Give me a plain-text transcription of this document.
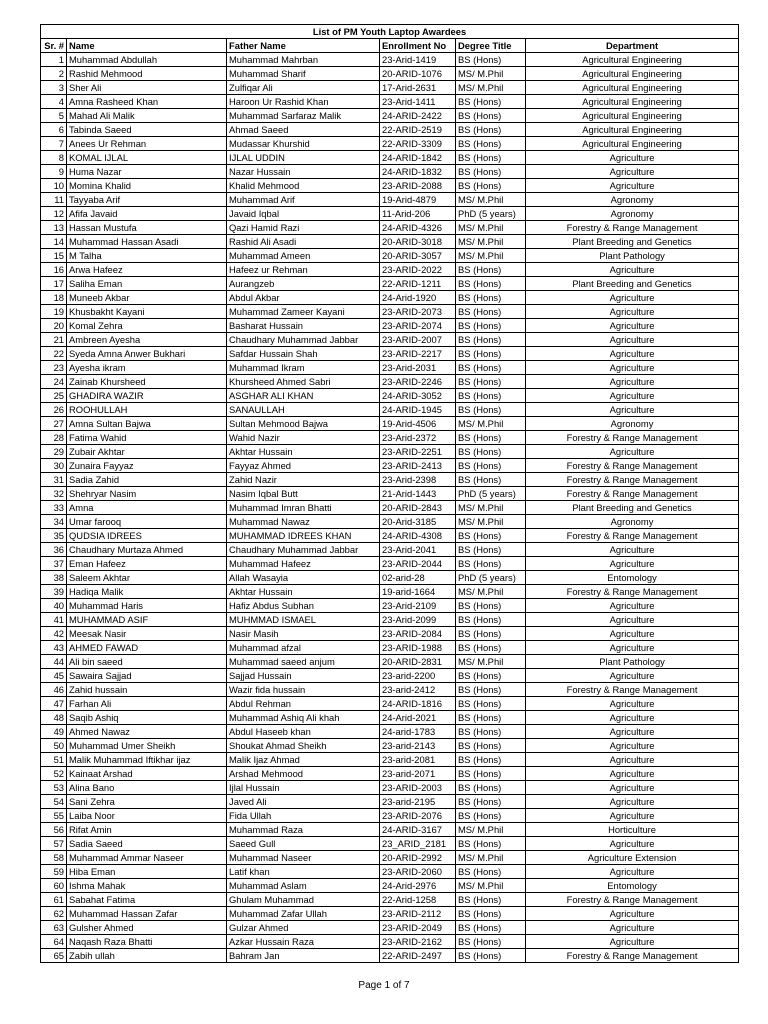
List of PM Youth Laptop Awardees					
Sr. #	Name	Father Name	Enrollment No	Degree Title	Department
1	Muhammad Abdullah	Muhammad Mahrban	23-Arid-1419	BS (Hons)	Agricultural Engineering
2	Rashid Mehmood	Muhammad Sharif	20-ARID-1076	MS/ M.Phil	Agricultural Engineering
3	Sher Ali	Zulfiqar Ali	17-Arid-2631	MS/ M.Phil	Agricultural Engineering
4	Amna Rasheed Khan	Haroon Ur Rashid Khan	23-Arid-1411	BS (Hons)	Agricultural Engineering
5	Mahad Ali Malik	Muhammad Sarfaraz Malik	24-ARID-2422	BS (Hons)	Agricultural Engineering
6	Tabinda Saeed	Ahmad Saeed	22-ARID-2519	BS (Hons)	Agricultural Engineering
7	Anees Ur Rehman	Mudassar Khurshid	22-ARID-3309	BS (Hons)	Agricultural Engineering
8	KOMAL IJLAL	IJLAL UDDIN	24-ARID-1842	BS (Hons)	Agriculture
9	Huma Nazar	Nazar Hussain	24-ARID-1832	BS (Hons)	Agriculture
10	Momina Khalid	Khalid Mehmood	23-ARID-2088	BS (Hons)	Agriculture
11	Tayyaba Arif	Muhammad Arif	19-Arid-4879	MS/ M.Phil	Agronomy
12	Afifa Javaid	Javaid Iqbal	11-Arid-206	PhD (5 years)	Agronomy
13	Hassan Mustufa	Qazi Hamid Razi	24-ARID-4326	MS/ M.Phil	Forestry & Range Management
14	Muhammad Hassan Asadi	Rashid Ali Asadi	20-ARID-3018	MS/ M.Phil	Plant Breeding and Genetics
15	M Talha	Muhammad Ameen	20-ARID-3057	MS/ M.Phil	Plant Pathology
16	Arwa Hafeez	Hafeez ur Rehman	23-ARID-2022	BS (Hons)	Agriculture
17	Saliha Eman	Aurangzeb	22-ARID-1211	BS (Hons)	Plant Breeding and Genetics
18	Muneeb Akbar	Abdul Akbar	24-Arid-1920	BS (Hons)	Agriculture
19	Khusbakht Kayani	Muhammad Zameer Kayani	23-ARID-2073	BS (Hons)	Agriculture
20	Komal Zehra	Basharat Hussain	23-ARID-2074	BS (Hons)	Agriculture
21	Ambreen Ayesha	Chaudhary Muhammad Jabbar	23-ARID-2007	BS (Hons)	Agriculture
22	Syeda Amna Anwer Bukhari	Safdar Hussain Shah	23-ARID-2217	BS (Hons)	Agriculture
23	Ayesha ikram	Muhammad Ikram	23-Arid-2031	BS (Hons)	Agriculture
24	Zainab Khursheed	Khursheed Ahmed Sabri	23-ARID-2246	BS (Hons)	Agriculture
25	GHADIRA WAZIR	ASGHAR ALI KHAN	24-ARID-3052	BS (Hons)	Agriculture
26	ROOHULLAH	SANAULLAH	24-ARID-1945	BS (Hons)	Agriculture
27	Amna Sultan Bajwa	Sultan Mehmood Bajwa	19-Arid-4506	MS/ M.Phil	Agronomy
28	Fatima Wahid	Wahid Nazir	23-Arid-2372	BS (Hons)	Forestry & Range Management
29	Zubair Akhtar	Akhtar Hussain	23-ARID-2251	BS (Hons)	Agriculture
30	Zunaira Fayyaz	Fayyaz Ahmed	23-ARID-2413	BS (Hons)	Forestry & Range Management
31	Sadia Zahid	Zahid Nazir	23-Arid-2398	BS (Hons)	Forestry & Range Management
32	Shehryar Nasim	Nasim Iqbal Butt	21-Arid-1443	PhD (5 years)	Forestry & Range Management
33	Amna	Muhammad Imran Bhatti	20-ARID-2843	MS/ M.Phil	Plant Breeding and Genetics
34	Umar farooq	Muhammad Nawaz	20-Arid-3185	MS/ M.Phil	Agronomy
35	QUDSIA IDREES	MUHAMMAD IDREES KHAN	24-ARID-4308	BS (Hons)	Forestry & Range Management
36	Chaudhary Murtaza Ahmed	Chaudhary Muhammad Jabbar	23-Arid-2041	BS (Hons)	Agriculture
37	Eman Hafeez	Muhammad Hafeez	23-ARID-2044	BS (Hons)	Agriculture
38	Saleem Akhtar	Allah Wasayia	02-arid-28	PhD (5 years)	Entomology
39	Hadiqa Malik	Akhtar Hussain	19-arid-1664	MS/ M.Phil	Forestry & Range Management
40	Muhammad Haris	Hafiz Abdus Subhan	23-Arid-2109	BS (Hons)	Agriculture
41	MUHAMMAD ASIF	MUHMMAD ISMAEL	23-Arid-2099	BS (Hons)	Agriculture
42	Meesak Nasir	Nasir Masih	23-ARID-2084	BS (Hons)	Agriculture
43	AHMED FAWAD	Muhammad afzal	23-ARID-1988	BS (Hons)	Agriculture
44	Ali bin saeed	Muhammad saeed anjum	20-ARID-2831	MS/ M.Phil	Plant Pathology
45	Sawaira Sajjad	Sajjad Hussain	23-arid-2200	BS (Hons)	Agriculture
46	Zahid hussain	Wazir fida hussain	23-arid-2412	BS (Hons)	Forestry & Range Management
47	Farhan Ali	Abdul Rehman	24-ARID-1816	BS (Hons)	Agriculture
48	Saqib Ashiq	Muhammad Ashiq Ali khah	24-Arid-2021	BS (Hons)	Agriculture
49	Ahmed Nawaz	Abdul Haseeb khan	24-arid-1783	BS (Hons)	Agriculture
50	Muhammad Umer Sheikh	Shoukat Ahmad Sheikh	23-arid-2143	BS (Hons)	Agriculture
51	Malik Muhammad Iftikhar ijaz	Malik Ijaz Ahmad	23-arid-2081	BS (Hons)	Agriculture
52	Kainaat Arshad	Arshad Mehmood	23-arid-2071	BS (Hons)	Agriculture
53	Alina Bano	Ijlal Hussain	23-ARID-2003	BS (Hons)	Agriculture
54	Sani Zehra	Javed Ali	23-arid-2195	BS (Hons)	Agriculture
55	Laiba Noor	Fida Ullah	23-ARID-2076	BS (Hons)	Agriculture
56	Rifat Amin	Muhammad Raza	24-ARID-3167	MS/ M.Phil	Horticulture
57	Sadia Saeed	Saeed Gull	23_ARID_2181	BS (Hons)	Agriculture
58	Muhammad Ammar Naseer	Muhammad Naseer	20-ARID-2992	MS/ M.Phil	Agriculture Extension
59	Hiba Eman	Latif khan	23-ARID-2060	BS (Hons)	Agriculture
60	Ishma Mahak	Muhammad Aslam	24-Arid-2976	MS/ M.Phil	Entomology
61	Sabahat Fatima	Ghulam Muhammad	22-Arid-1258	BS (Hons)	Forestry & Range Management
62	Muhammad Hassan Zafar	Muhammad Zafar Ullah	23-ARID-2112	BS (Hons)	Agriculture
63	Gulsher Ahmed	Gulzar Ahmed	23-ARID-2049	BS (Hons)	Agriculture
64	Naqash Raza Bhatti	Azkar Hussain Raza	23-ARID-2162	BS (Hons)	Agriculture
65	Zabih ullah	Bahram Jan	22-ARID-2497	BS (Hons)	Forestry & Range Management
Page 1 of 7
